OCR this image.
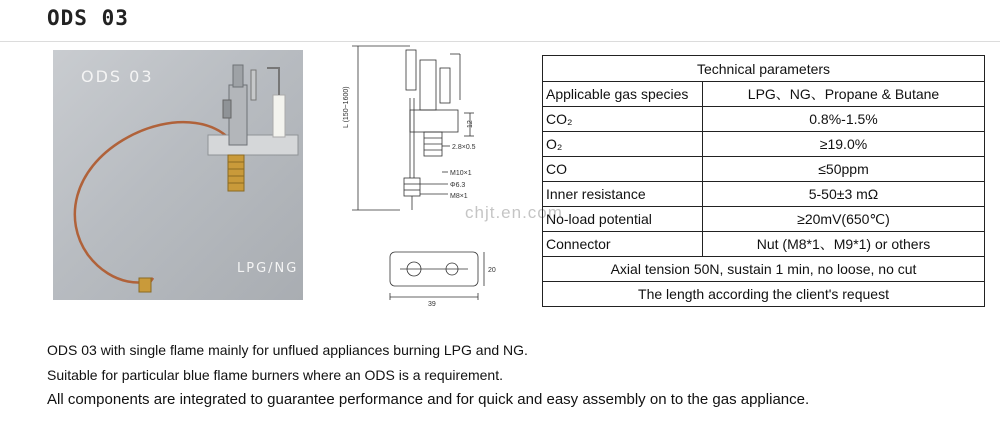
ODS 03
ODS 03
LPG/NG
L (150~1600)	12
2.8×0.5
M10×1
Φ6.3
M8×1
39
20
chjt.en.com
Technical parameters	
Applicable gas species	LPG、NG、Propane & Butane
CO₂	0.8%-1.5%
O₂	≥19.0%
CO	≤50ppm
Inner resistance	5-50±3 mΩ
No-load potential	≥20mV(650℃)
Connector	Nut (M8*1、M9*1) or others
Axial tension 50N, sustain 1 min, no loose, no cut	
The length according the client's request	
ODS 03 with single flame mainly for unflued appliances burning LPG and NG.
Suitable for particular blue flame burners where an ODS is a requirement.
All components are integrated to guarantee performance and for quick and easy assembly on to the gas appliance.
